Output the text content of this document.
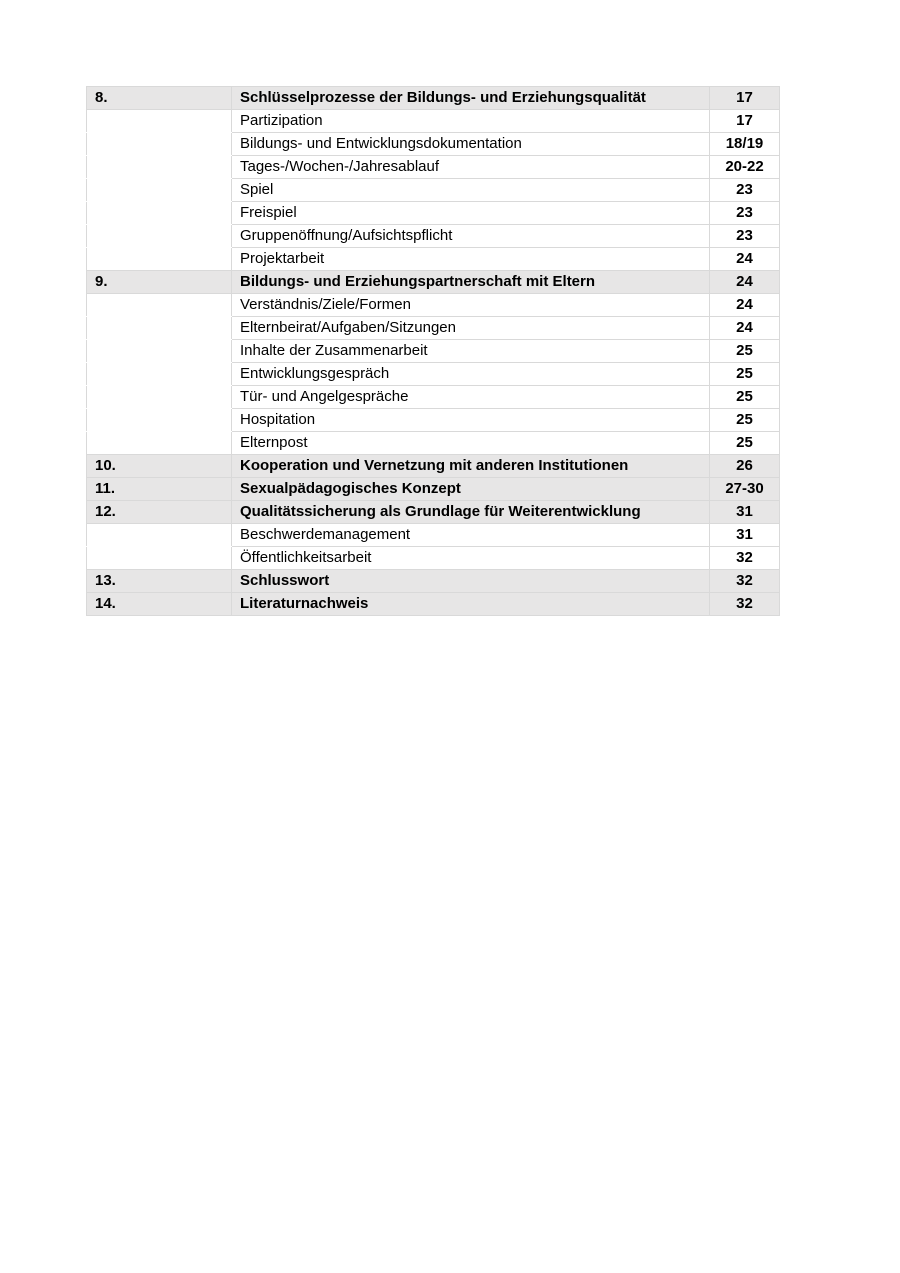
8.	Schlüsselprozesse der Bildungs- und Erziehungsqualität	17
	Partizipation	17
	Bildungs- und Entwicklungsdokumentation	18/19
	Tages-/Wochen-/Jahresablauf	20-22
	Spiel	23
	Freispiel	23
	Gruppenöffnung/Aufsichtspflicht	23
	Projektarbeit	24
9.	Bildungs- und Erziehungspartnerschaft mit Eltern	24
	Verständnis/Ziele/Formen	24
	Elternbeirat/Aufgaben/Sitzungen	24
	Inhalte der Zusammenarbeit	25
	Entwicklungsgespräch	25
	Tür- und Angelgespräche	25
	Hospitation	25
	Elternpost	25
10.	Kooperation und Vernetzung mit anderen Institutionen	26
11.	Sexualpädagogisches Konzept	27-30
12.	Qualitätssicherung als Grundlage für Weiterentwicklung	31
	Beschwerdemanagement	31
	Öffentlichkeitsarbeit	32
13.	Schlusswort	32
14.	Literaturnachweis	32
